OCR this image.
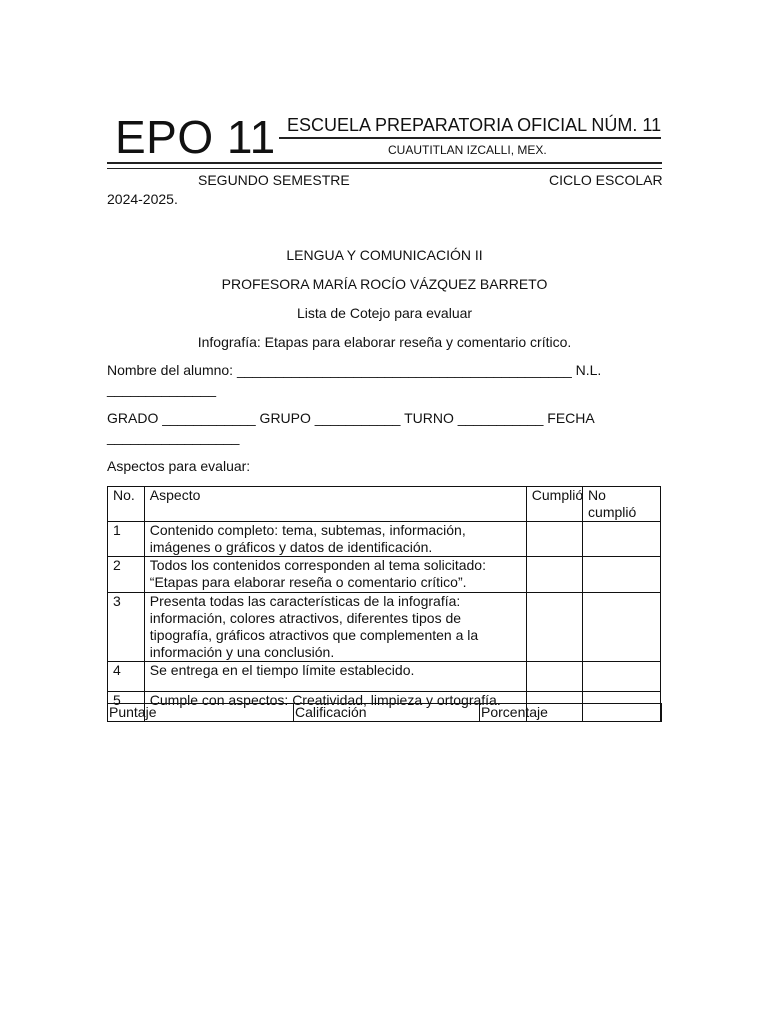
EPO 11 ESCUELA PREPARATORIA OFICIAL NÚM. 11
CUAUTITLAN IZCALLI, MEX.
SEGUNDO SEMESTRE	CICLO ESCOLAR
2024-2025.
LENGUA Y COMUNICACIÓN II
PROFESORA MARÍA ROCÍO VÁZQUEZ BARRETO
Lista de Cotejo para evaluar
Infografía: Etapas para elaborar reseña y comentario crítico.
Nombre del alumno: ___________________________________________ N.L.
______________
GRADO ____________ GRUPO ___________ TURNO ___________ FECHA
_________________
Aspectos para evaluar:
No.	Aspecto	Cumplió	No cumplió
1	Contenido completo: tema, subtemas, información, imágenes o gráficos y datos de identificación.		
2	Todos los contenidos corresponden al tema solicitado: “Etapas para elaborar reseña o comentario crítico”.		
3	Presenta todas las características de la infografía: información, colores atractivos, diferentes tipos de tipografía, gráficos atractivos que complementen a la información y una conclusión.		
4	Se entrega en el tiempo límite establecido.		
5	Cumple con aspectos: Creatividad, limpieza y ortografía.		
Puntaje	Calificación	Porcentaje
